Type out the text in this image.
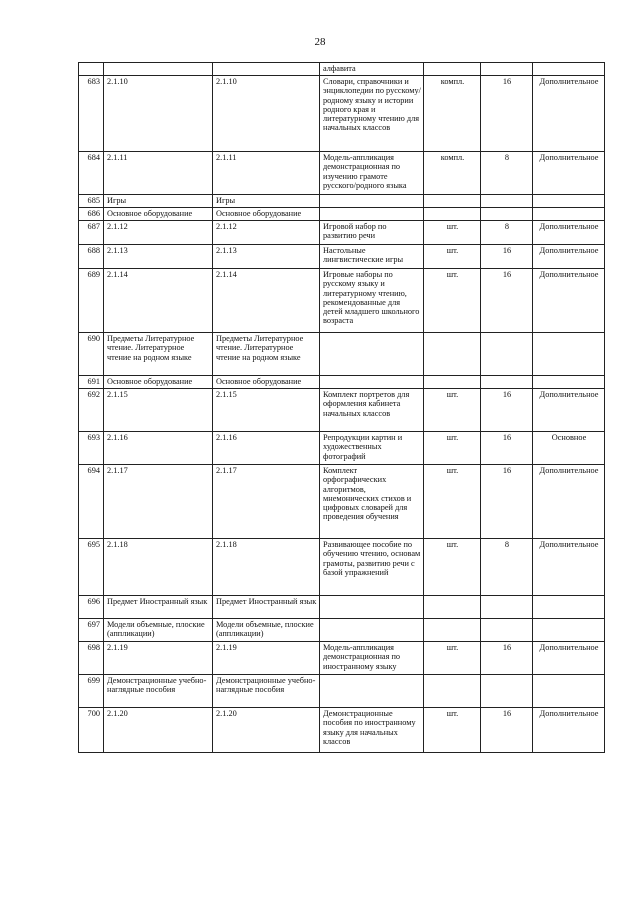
28
			алфавита			
683	2.1.10	2.1.10	Словари, справочники и энциклопедии по русскому/родному языку и истории родного края и литературному чтению для начальных классов	компл.	16	Дополнительное
684	2.1.11	2.1.11	Модель-аппликация демонстрационная по изучению грамоте русского/родного языка	компл.	8	Дополнительное
685	Игры	Игры				
686	Основное оборудование	Основное оборудование				
687	2.1.12	2.1.12	Игровой набор по развитию речи	шт.	8	Дополнительное
688	2.1.13	2.1.13	Настольные лингвистические игры	шт.	16	Дополнительное
689	2.1.14	2.1.14	Игровые наборы по русскому языку и литературному чтению, рекомендованные для детей младшего школьного возраста	шт.	16	Дополнительное
690	Предметы Литературное чтение. Литературное чтение на родном языке	Предметы Литературное чтение. Литературное чтение на родном языке				
691	Основное оборудование	Основное оборудование				
692	2.1.15	2.1.15	Комплект портретов для оформления кабинета начальных классов	шт.	16	Дополнительное
693	2.1.16	2.1.16	Репродукции картин и художественных фотографий	шт.	16	Основное
694	2.1.17	2.1.17	Комплект орфографических алгоритмов, мнемонических стихов и цифровых словарей для проведения обучения	шт.	16	Дополнительное
695	2.1.18	2.1.18	Развивающее пособие по обучению чтению, основам грамоты, развитию речи с базой упражнений	шт.	8	Дополнительное
696	Предмет Иностранный язык	Предмет Иностранный язык				
697	Модели объемные, плоские (аппликации)	Модели объемные, плоские (аппликации)				
698	2.1.19	2.1.19	Модель-аппликация демонстрационная по иностранному языку	шт.	16	Дополнительное
699	Демонстрационные учебно-наглядные пособия	Демонстрационные учебно-наглядные пособия				
700	2.1.20	2.1.20	Демонстрационные пособия по иностранному языку для начальных классов	шт.	16	Дополнительное
